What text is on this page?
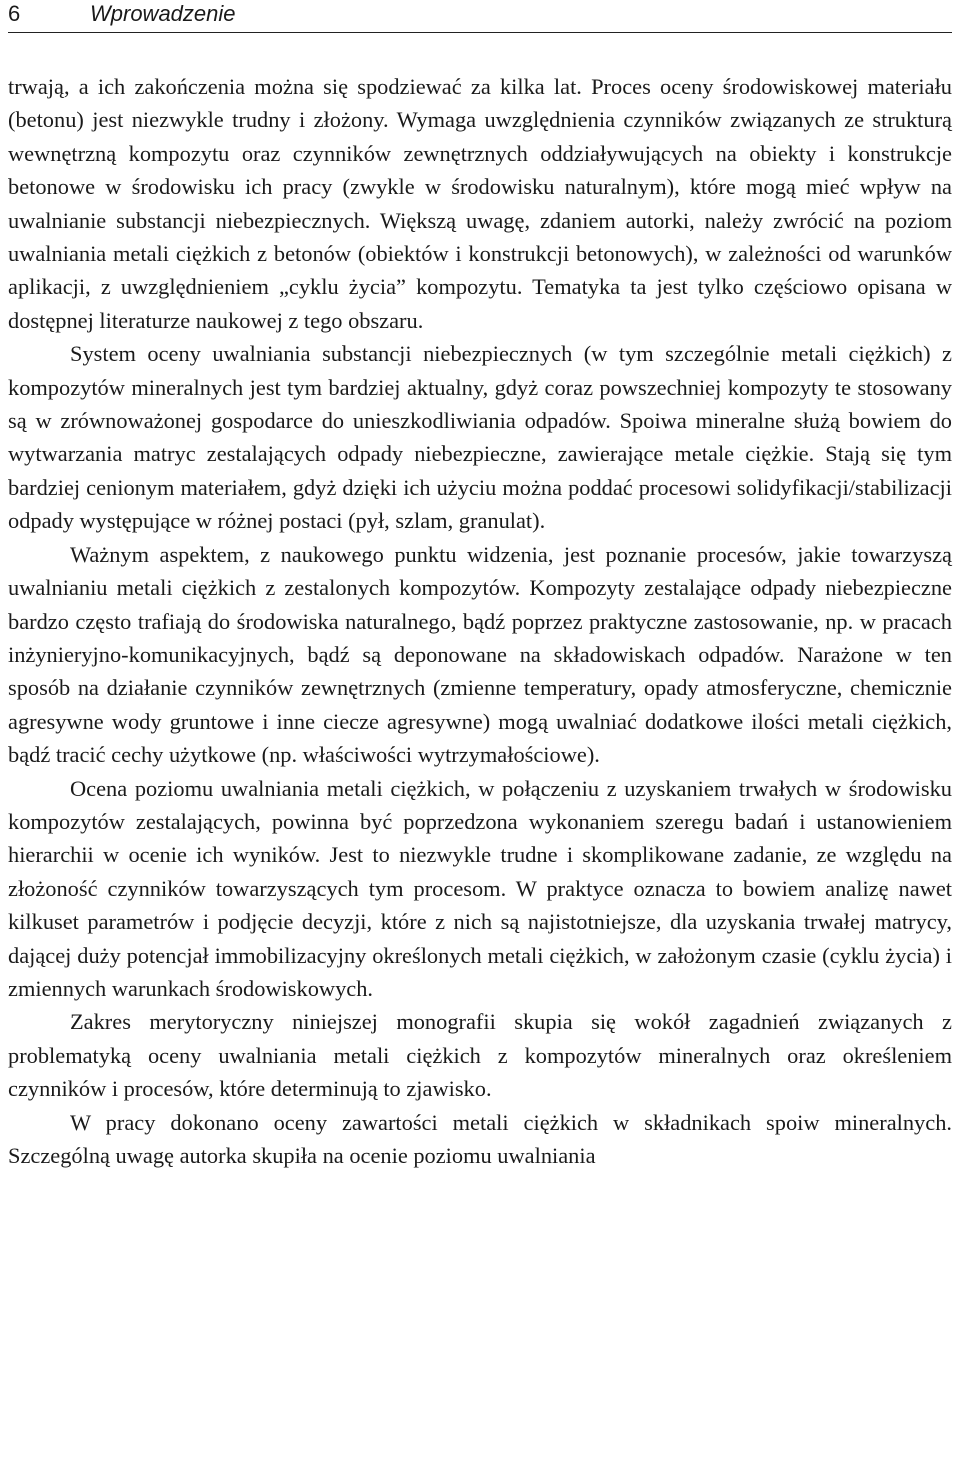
6	Wprowadzenie

trwają, a ich zakończenia można się spodziewać za kilka lat. Proces oceny środowiskowej materiału (betonu) jest niezwykle trudny i złożony. Wymaga uwzględnienia czynników związanych ze strukturą wewnętrzną kompozytu oraz czynników zewnętrznych oddziaływujących na obiekty i konstrukcje betonowe w środowisku ich pracy (zwykle w środowisku naturalnym), które mogą mieć wpływ na uwalnianie substancji niebezpiecznych. Większą uwagę, zdaniem autorki, należy zwrócić na poziom uwalniania metali ciężkich z betonów (obiektów i konstrukcji betonowych), w zależności od warunków aplikacji, z uwzględnieniem „cyklu życia” kompozytu. Tematyka ta jest tylko częściowo opisana w dostępnej literaturze naukowej z tego obszaru.

System oceny uwalniania substancji niebezpiecznych (w tym szczególnie metali ciężkich) z kompozytów mineralnych jest tym bardziej aktualny, gdyż coraz powszechniej kompozyty te stosowany są w zrównoważonej gospodarce do unieszkodliwiania odpadów. Spoiwa mineralne służą bowiem do wytwarzania matryc zestalających odpady niebezpieczne, zawierające metale ciężkie. Stają się tym bardziej cenionym materiałem, gdyż dzięki ich użyciu można poddać procesowi solidyfikacji/stabilizacji odpady występujące w różnej postaci (pył, szlam, granulat).

Ważnym aspektem, z naukowego punktu widzenia, jest poznanie procesów, jakie towarzyszą uwalnianiu metali ciężkich z zestalonych kompozytów. Kompozyty zestalające odpady niebezpieczne bardzo często trafiają do środowiska naturalnego, bądź poprzez praktyczne zastosowanie, np. w pracach inżynieryjno-komunikacyjnych, bądź są deponowane na składowiskach odpadów. Narażone w ten sposób na działanie czynników zewnętrznych (zmienne temperatury, opady atmosferyczne, chemicznie agresywne wody gruntowe i inne ciecze agresywne) mogą uwalniać dodatkowe ilości metali ciężkich, bądź tracić cechy użytkowe (np. właściwości wytrzymałościowe).

Ocena poziomu uwalniania metali ciężkich, w połączeniu z uzyskaniem trwałych w środowisku kompozytów zestalających, powinna być poprzedzona wykonaniem szeregu badań i ustanowieniem hierarchii w ocenie ich wyników. Jest to niezwykle trudne i skomplikowane zadanie, ze względu na złożoność czynników towarzyszących tym procesom. W praktyce oznacza to bowiem analizę nawet kilkuset parametrów i podjęcie decyzji, które z nich są najistotniejsze, dla uzyskania trwałej matrycy, dającej duży potencjał immobilizacyjny określonych metali ciężkich, w założonym czasie (cyklu życia) i zmiennych warunkach środowiskowych.

Zakres merytoryczny niniejszej monografii skupia się wokół zagadnień związanych z problematyką oceny uwalniania metali ciężkich z kompozytów mineralnych oraz określeniem czynników i procesów, które determinują to zjawisko.

W pracy dokonano oceny zawartości metali ciężkich w składnikach spoiw mineralnych. Szczególną uwagę autorka skupiła na ocenie poziomu uwalniania
